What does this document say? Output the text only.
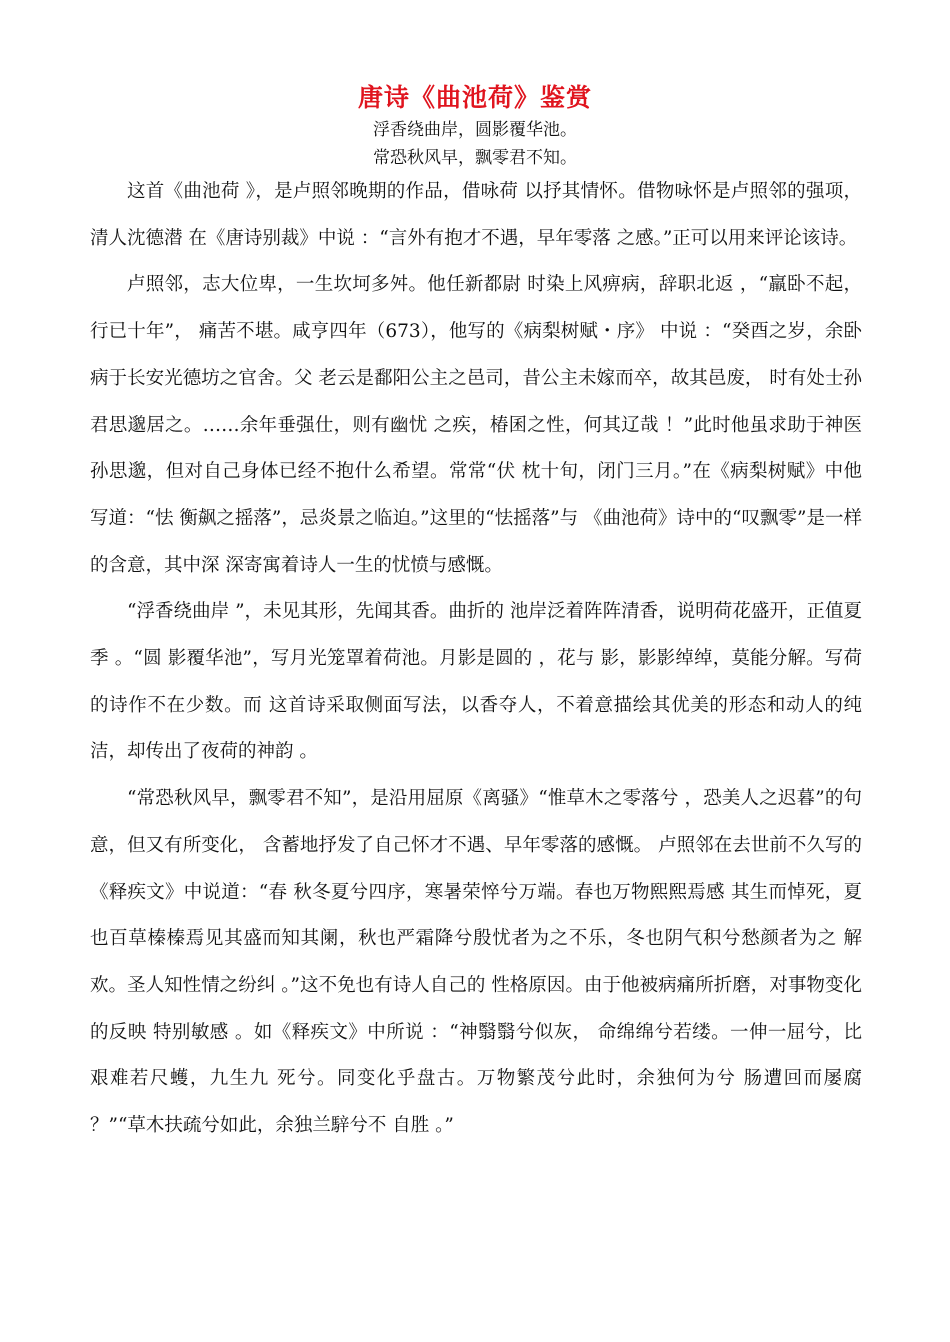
唐诗《曲池荷》鉴赏
浮香绕曲岸，圆影覆华池。
常恐秋风早，飘零君不知。

这首《曲池荷 》，是卢照邻晚期的作品，借咏荷 以抒其情怀。借物咏怀是卢照邻的强项，清人沈德潜 在《唐诗别裁》中说 ：“言外有抱才不遇，早年零落 之感。”正可以用来评论该诗。

卢照邻，志大位卑，一生坎坷多舛。他任新都尉 时染上风痹病，辞职北返 ，“羸卧不起，行已十年”， 痛苦不堪。咸亨四年（673），他写的《病梨树赋・序》 中说 ：“癸酉之岁，余卧病于长安光德坊之官舍。父 老云是鄱阳公主之邑司，昔公主未嫁而卒，故其邑废， 时有处士孙君思邈居之。……余年垂强仕，则有幽忧 之疾，椿囷之性，何其辽哉 ！”此时他虽求助于神医 孙思邈，但对自己身体已经不抱什么希望。常常“伏 枕十旬，闭门三月。”在《病梨树赋》中他写道：“怯 衡飙之摇落”，忌炎景之临迫。”这里的“怯摇落”与 《曲池荷》诗中的“叹飘零”是一样的含意，其中深 深寄寓着诗人一生的忧愤与感慨。

“浮香绕曲岸 ”，未见其形，先闻其香。曲折的 池岸泛着阵阵清香，说明荷花盛开，正值夏季 。“圆 影覆华池”，写月光笼罩着荷池。月影是圆的 ，花与 影，影影绰绰，莫能分解。写荷的诗作不在少数。而 这首诗采取侧面写法，以香夺人，不着意描绘其优美的形态和动人的纯洁，却传出了夜荷的神韵 。

“常恐秋风早，飘零君不知”，是沿用屈原《离骚》“惟草木之零落兮 ，恐美人之迟暮”的句意，但又有所变化， 含蓄地抒发了自己怀才不遇、早年零落的感慨。 卢照邻在去世前不久写的《释疾文》中说道：“春 秋冬夏兮四序，寒暑荣悴兮万端。春也万物熙熙焉感 其生而悼死，夏也百草榛榛焉见其盛而知其阑，秋也严霜降兮殷忧者为之不乐，冬也阴气积兮愁颜者为之 解欢。圣人知性情之纷纠 。”这不免也有诗人自己的 性格原因。由于他被病痛所折磨，对事物变化的反映 特别敏感 。如《释疾文》中所说 ：“神翳翳兮似灰， 命绵绵兮若缕。一伸一屈兮，比艰难若尺蠖，九生九 死兮。同变化乎盘古。万物繁茂兮此时，余独何为兮 肠遭回而屡腐 ？”“草木扶疏兮如此，余独兰騂兮不 自胜 。”
